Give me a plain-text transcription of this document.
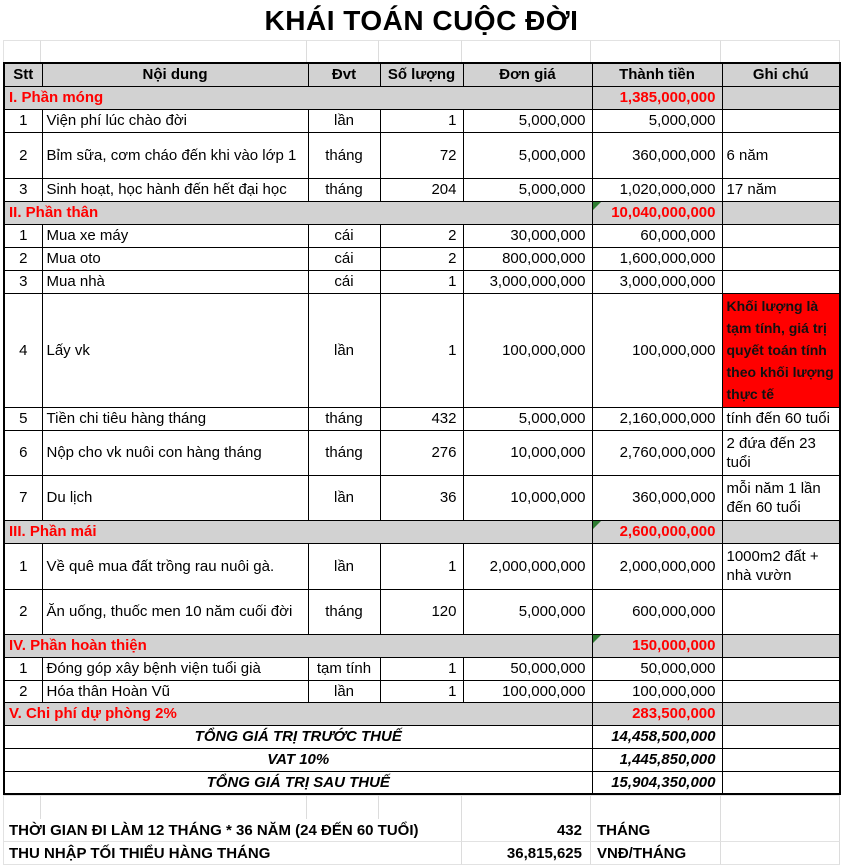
KHÁI TOÁN CUỘC ĐỜI
Stt	Nội dung	Đvt	Số lượng	Đơn giá	Thành tiền	Ghi chú
I. Phần móng					1,385,000,000	
1	Viện phí lúc chào đời	lần	1	5,000,000	5,000,000	
2	Bỉm sữa, cơm cháo đến khi vào lớp 1	tháng	72	5,000,000	360,000,000	6 năm
3	Sinh hoạt, học hành đến hết đại học	tháng	204	5,000,000	1,020,000,000	17 năm
II. Phần thân					10,040,000,000	
1	Mua xe máy	cái	2	30,000,000	60,000,000	
2	Mua oto	cái	2	800,000,000	1,600,000,000	
3	Mua nhà	cái	1	3,000,000,000	3,000,000,000	
4	Lấy vk	lần	1	100,000,000	100,000,000	Khối lượng là tạm tính, giá trị quyết toán tính theo khối lượng thực tế
5	Tiền chi tiêu hàng tháng	tháng	432	5,000,000	2,160,000,000	tính đến 60 tuổi
6	Nộp cho vk nuôi con hàng tháng	tháng	276	10,000,000	2,760,000,000	2 đứa đến 23 tuổi
7	Du lịch	lần	36	10,000,000	360,000,000	mỗi năm 1 lần đến 60 tuổi
III. Phần mái					2,600,000,000	
1	Về quê mua đất trồng rau nuôi gà.	lần	1	2,000,000,000	2,000,000,000	1000m2 đất + nhà vườn
2	Ăn uống, thuốc men 10 năm cuối đời	tháng	120	5,000,000	600,000,000	
IV. Phần hoàn thiện					150,000,000	
1	Đóng góp xây bệnh viện tuổi già	tạm tính	1	50,000,000	50,000,000	
2	Hóa thân Hoàn Vũ	lần	1	100,000,000	100,000,000	
V. Chi phí dự phòng 2%					283,500,000	
TỔNG GIÁ TRỊ TRƯỚC THUẾ					14,458,500,000	
VAT 10%					1,445,850,000	
TỔNG GIÁ TRỊ SAU THUẾ					15,904,350,000	
THỜI GIAN ĐI LÀM 12 THÁNG * 36 NĂM (24 ĐẾN 60 TUỔI)	432	THÁNG
THU NHẬP TỐI THIỂU HÀNG THÁNG	36,815,625	VNĐ/THÁNG
